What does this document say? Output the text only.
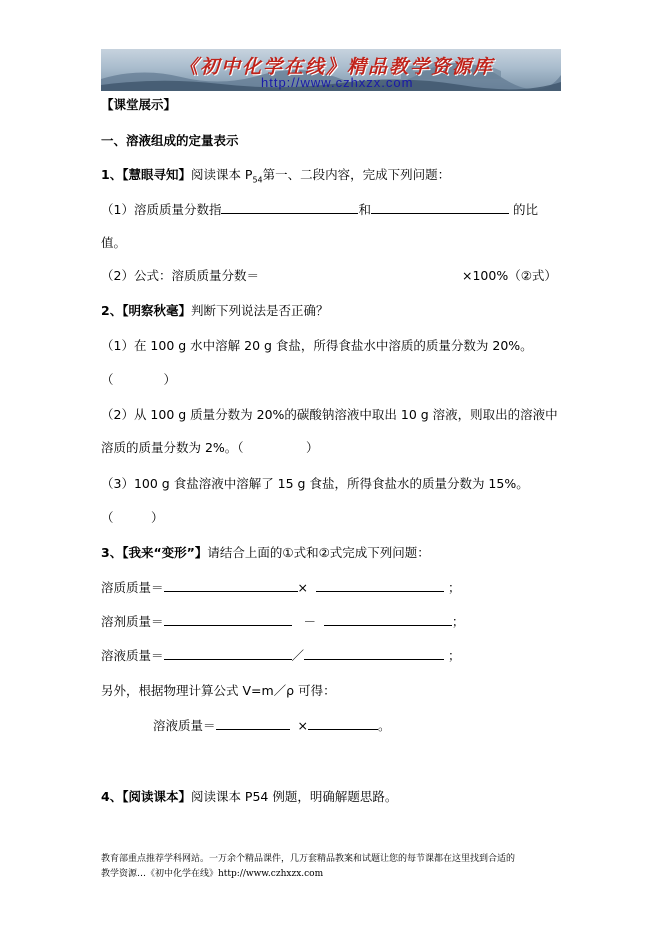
《初中化学在线》精品教学资源库
http://www.czhxzx.com
【课堂展示】
一、溶液组成的定量表示
1、【慧眼寻知】阅读课本 $P_{54}$第一、二段内容，完成下列问题：
（1）溶质质量分数指	和	的比
值。
（2）公式：溶质质量分数＝	×100%（②式）
2、【明察秋毫】判断下列说法是否正确？
（1）在 100 g 水中溶解 20 g 食盐，所得食盐水中溶质的质量分数为 20%。
（　　　　）
（2）从 100 g 质量分数为 20%的碳酸钠溶液中取出 10 g 溶液，则取出的溶液中
溶质的质量分数为 2%。（　　　　　）
（3）100 g 食盐溶液中溶解了 15 g 食盐，所得食盐水的质量分数为 15%。
（　　　）
3、【我来“变形”】请结合上面的①式和②式完成下列问题：
溶质质量＝	×	；
溶剂质量＝	－	；
溶液质量＝	／	；
另外，根据物理计算公式 V=m／ρ 可得：
溶液质量＝	×	。
4、【阅读课本】阅读课本 P54 例题，明确解题思路。
教育部重点推荐学科网站。一万余个精品课件，几万套精品教案和试题让您的每节课都在这里找到合适的
教学资源…《初中化学在线》http://www.czhxzx.com
